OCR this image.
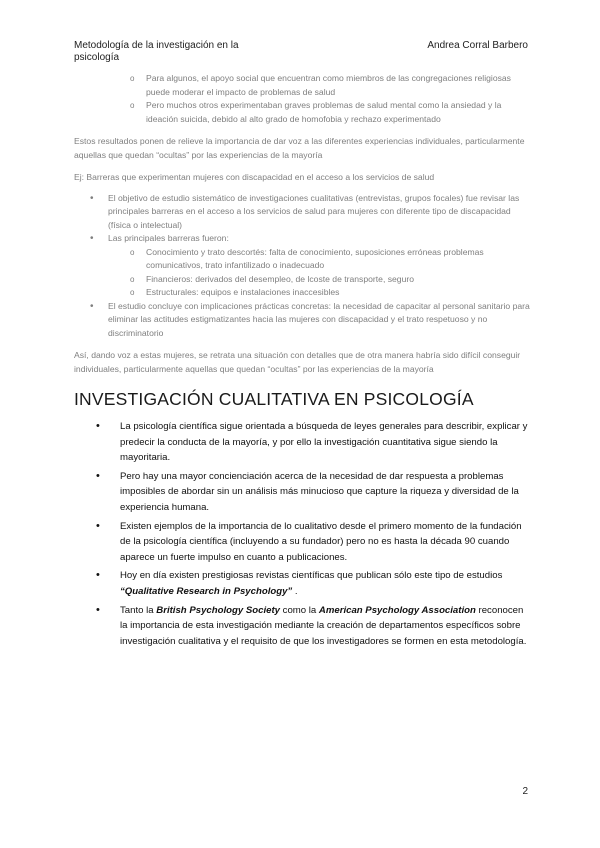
Metodología de la investigación en la psicología
Andrea Corral Barbero
o Para algunos, el apoyo social que encuentran como miembros de las congregaciones religiosas puede moderar el impacto de problemas de salud
o Pero muchos otros experimentaban graves problemas de salud mental como la ansiedad y la ideación suicida, debido al alto grado de homofobia y rechazo experimentado

Estos resultados ponen de relieve la importancia de dar voz a las diferentes experiencias individuales, particularmente aquellas que quedan “ocultas” por las experiencias de la mayoría

Ej: Barreras que experimentan mujeres con discapacidad en el acceso a los servicios de salud

• El objetivo de estudio sistemático de investigaciones cualitativas (entrevistas, grupos focales) fue revisar las principales barreras en el acceso a los servicios de salud para mujeres con diferente tipo de discapacidad (física o intelectual)
• Las principales barreras fueron:
o Conocimiento y trato descortés: falta de conocimiento, suposiciones erróneas problemas comunicativos, trato infantilizado o inadecuado
o Financieros: derivados del desempleo, de lcoste de transporte, seguro
o Estructurales: equipos e instalaciones inaccesibles
• El estudio concluye con implicaciones prácticas concretas: la necesidad de capacitar al personal sanitario para eliminar las actitudes estigmatizantes hacia las mujeres con discapacidad y el trato respetuoso y no discriminatorio

Así, dando voz a estas mujeres, se retrata una situación con detalles que de otra manera habría sido difícil conseguir individuales, particularmente aquellas que quedan “ocultas” por las experiencias de la mayoría

INVESTIGACIÓN CUALITATIVA EN PSICOLOGÍA
• La psicología científica sigue orientada a búsqueda de leyes generales para describir, explicar y predecir la conducta de la mayoría, y por ello la investigación cuantitativa sigue siendo la mayoritaria.
• Pero hay una mayor concienciación acerca de la necesidad de dar respuesta a problemas imposibles de abordar sin un análisis más minucioso que capture la riqueza y diversidad de la experiencia humana.
• Existen ejemplos de la importancia de lo cualitativo desde el primero momento de la fundación de la psicología científica (incluyendo a su fundador) pero no es hasta la década 90 cuando aparece un fuerte impulso en cuanto a publicaciones.
• Hoy en día existen prestigiosas revistas científicas que publican sólo este tipo de estudios
“Qualitative Research in Psychology” .
• Tanto la British Psychology Society como la American Psychology Association reconocen la importancia de esta investigación mediante la creación de departamentos específicos sobre investigación cualitativa y el requisito de que los investigadores se formen en esta metodología.
2
